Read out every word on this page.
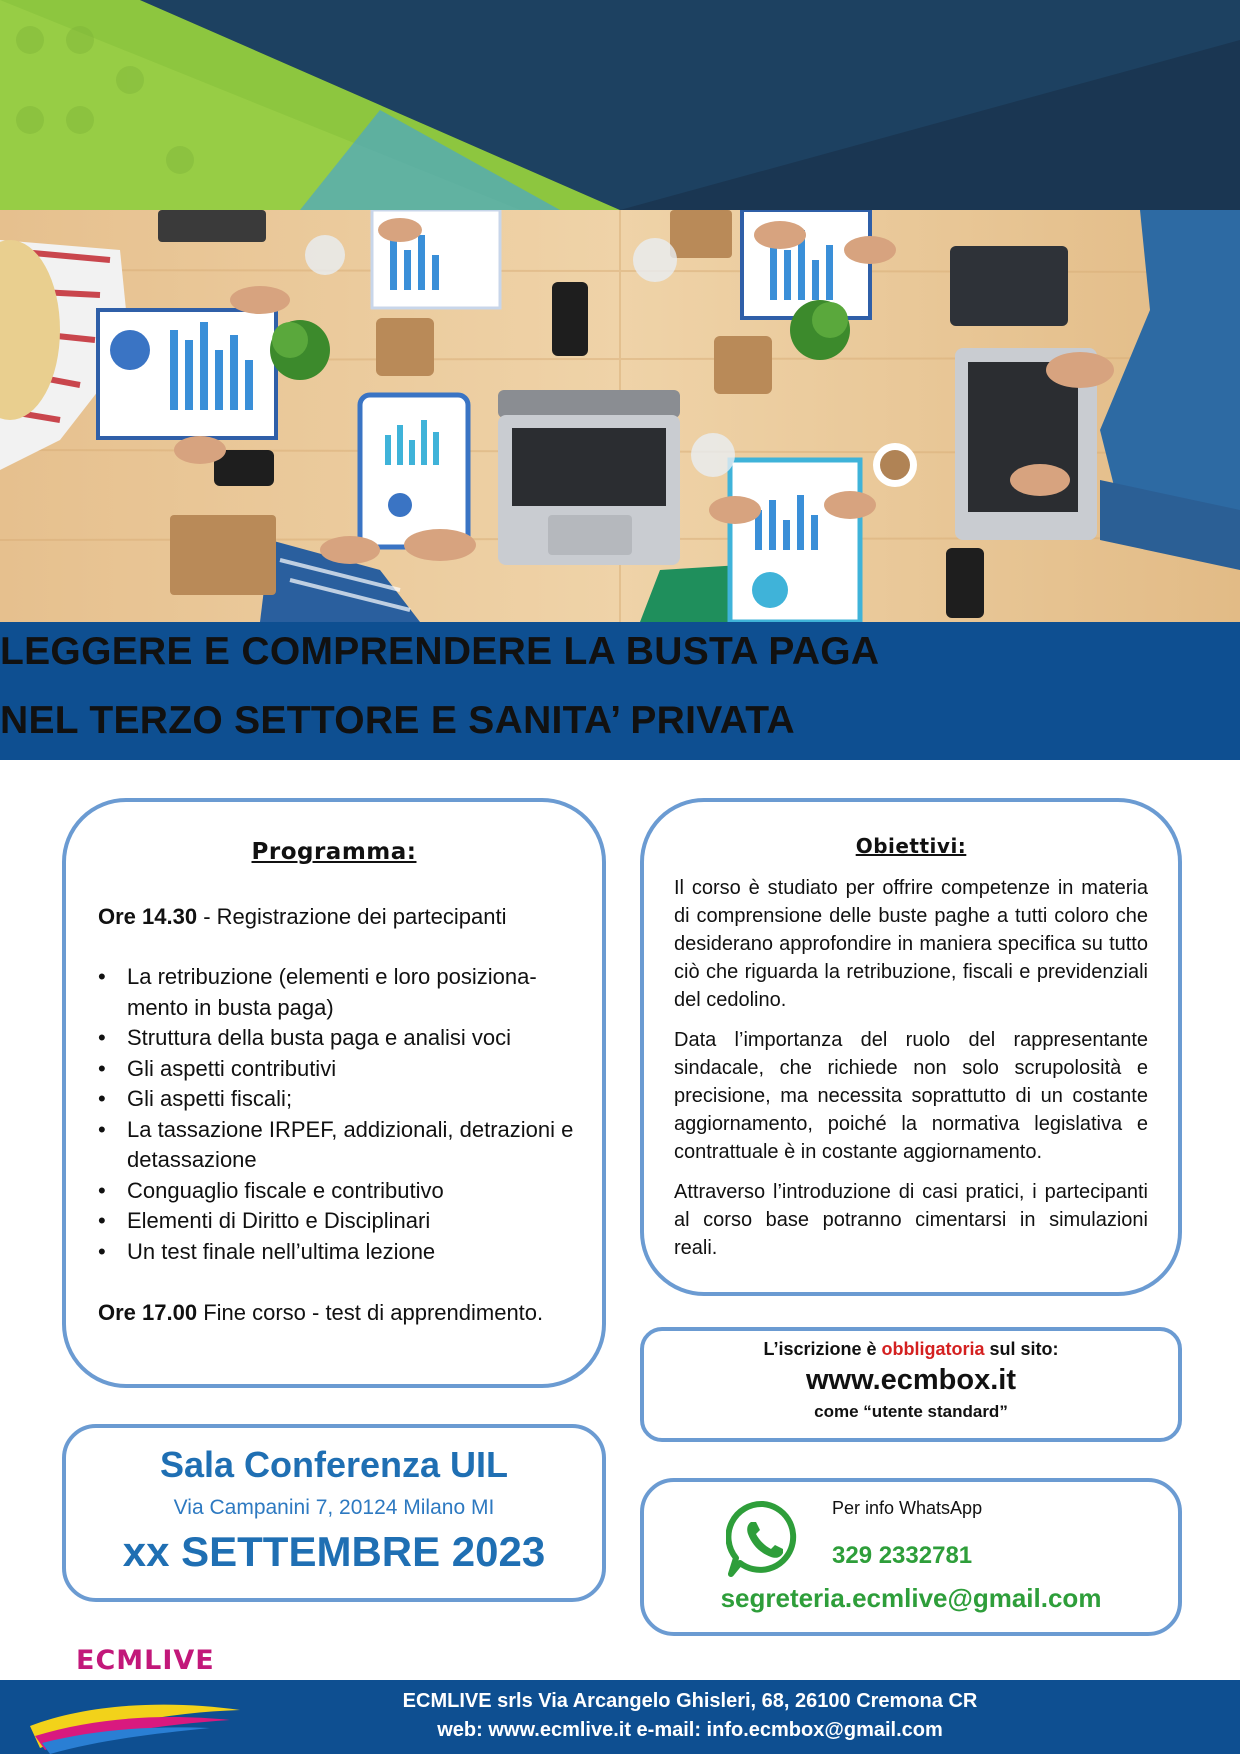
LEGGERE E COMPRENDERE LA BUSTA PAGA
NEL TERZO SETTORE E SANITA’ PRIVATA
Programma:
Ore 14.30 - Registrazione dei partecipanti
• La retribuzione (elementi e loro posiziona-mento in busta paga)
• Struttura della busta paga e analisi voci
• Gli aspetti contributivi
• Gli aspetti fiscali;
• La tassazione IRPEF, addizionali, detrazioni e detassazione
• Conguaglio fiscale e contributivo
• Elementi di Diritto e Disciplinari
• Un test finale nell’ultima lezione
Ore 17.00 Fine corso - test di apprendimento.
Obiettivi:

Il corso è studiato per offrire competenze in materia di comprensione delle buste paghe a tutti coloro che desiderano approfondire in maniera specifica su tutto ciò che riguarda la retribuzione, fiscali e previdenziali del cedolino.

Data l’importanza del ruolo del rappresentante sindacale, che richiede non solo scrupolosità e precisione, ma necessita soprattutto di un costante aggiornamento, poiché la normativa legislativa e contrattuale è in costante aggiornamento.

Attraverso l’introduzione di casi pratici, i partecipanti al corso base potranno cimentarsi in simulazioni reali.

L’iscrizione è obbligatoria sul sito:
www.ecmbox.it
come “utente standard”
Sala Conferenza UIL
Via Campanini 7, 20124 Milano MI
xx SETTEMBRE 2023
Per info WhatsApp
329 2332781
segreteria.ecmlive@gmail.com
ECMLIVE srls Via Arcangelo Ghisleri, 68, 26100 Cremona CR
web: www.ecmlive.it e-mail: info.ecmbox@gmail.com
ECMLIVE
